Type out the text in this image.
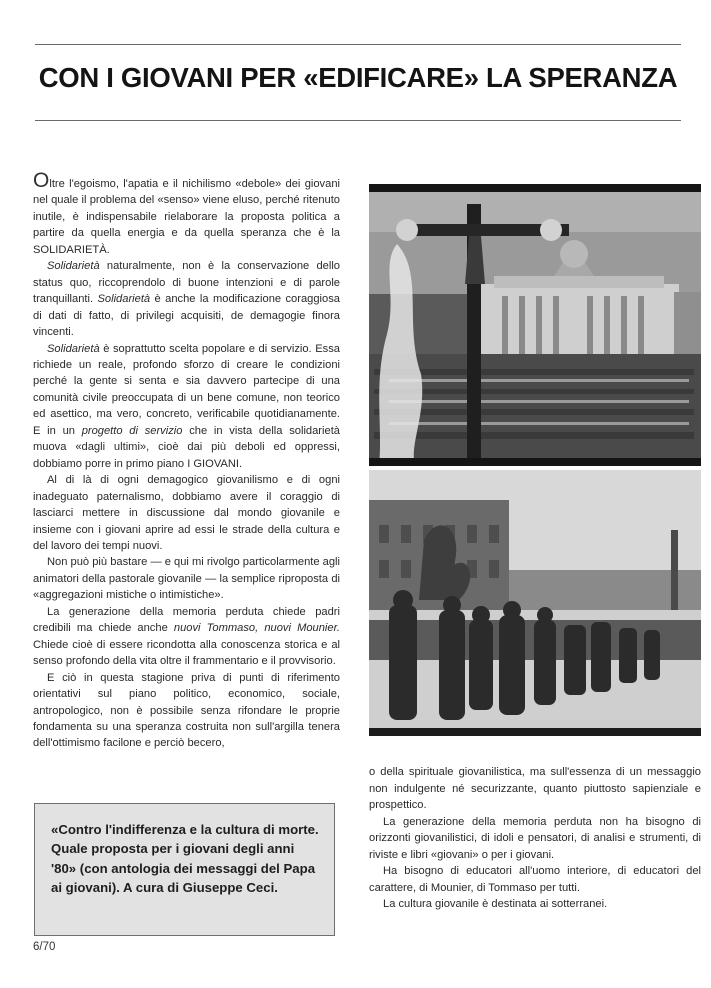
CON I GIOVANI PER «EDIFICARE» LA SPERANZA

Oltre l'egoismo, l'apatia e il nichilismo «debole» dei giovani nel quale il problema del «senso» viene eluso, perché ritenuto inutile, è indispensabile rielaborare la proposta politica a partire da quella energia e da quella speranza che è la SOLIDARIETÀ.

Solidarietà naturalmente, non è la conservazione dello status quo, riccoprendolo di buone intenzioni e di parole tranquillanti. Solidarietà è anche la modificazione coraggiosa di dati di fatto, di privilegi acquisiti, de demagogie finora vincenti.

Solidarietà è soprattutto scelta popolare e di servizio. Essa richiede un reale, profondo sforzo di creare le condizioni perché la gente si senta e sia davvero partecipe di una comunità civile preoccupata di un bene comune, non teorico ed asettico, ma vero, concreto, verificabile quotidianamente. E in un progetto di servizio che in vista della solidarietà muova «dagli ultimi», cioè dai più deboli ed oppressi, dobbiamo porre in primo piano I GIOVANI.

Al di là di ogni demagogico giovanilismo e di ogni inadeguato paternalismo, dobbiamo avere il coraggio di lasciarci mettere in discussione dal mondo giovanile e insieme con i giovani aprire ad essi le strade della cultura e del lavoro dei tempi nuovi.

Non può più bastare — e qui mi rivolgo particolarmente agli animatori della pastorale giovanile — la semplice riproposta di «aggregazioni mistiche o intimistiche».

La generazione della memoria perduta chiede padri credibili ma chiede anche nuovi Tommaso, nuovi Mounier. Chiede cioè di essere ricondotta alla conoscenza storica e al senso profondo della vita oltre il frammentario e il provvisorio.

E ciò in questa stagione priva di punti di riferimento orientativi sul piano politico, economico, sociale, antropologico, non è possibile senza rifondare le proprie fondamenta su una speranza costruita non sull'argilla tenera dell'ottimismo facilone e perciò becero,

o della spirituale giovanilistica, ma sull'essenza di un messaggio non indulgente né securizzante, quanto piuttosto sapienziale e prospettico.

La generazione della memoria perduta non ha bisogno di orizzonti giovanilistici, di idoli e pensatori, di analisi e strumenti, di riviste e libri «giovani» o per i giovani.

Ha bisogno di educatori all'uomo interiore, di educatori del carattere, di Mounier, di Tommaso per tutti.

La cultura giovanile è destinata ai sotterranei.

«Contro l'indifferenza e la cultura di morte. Quale proposta per i giovani degli anni '80» (con antologia dei messaggi del Papa ai giovani). A cura di Giuseppe Ceci.

6/70
